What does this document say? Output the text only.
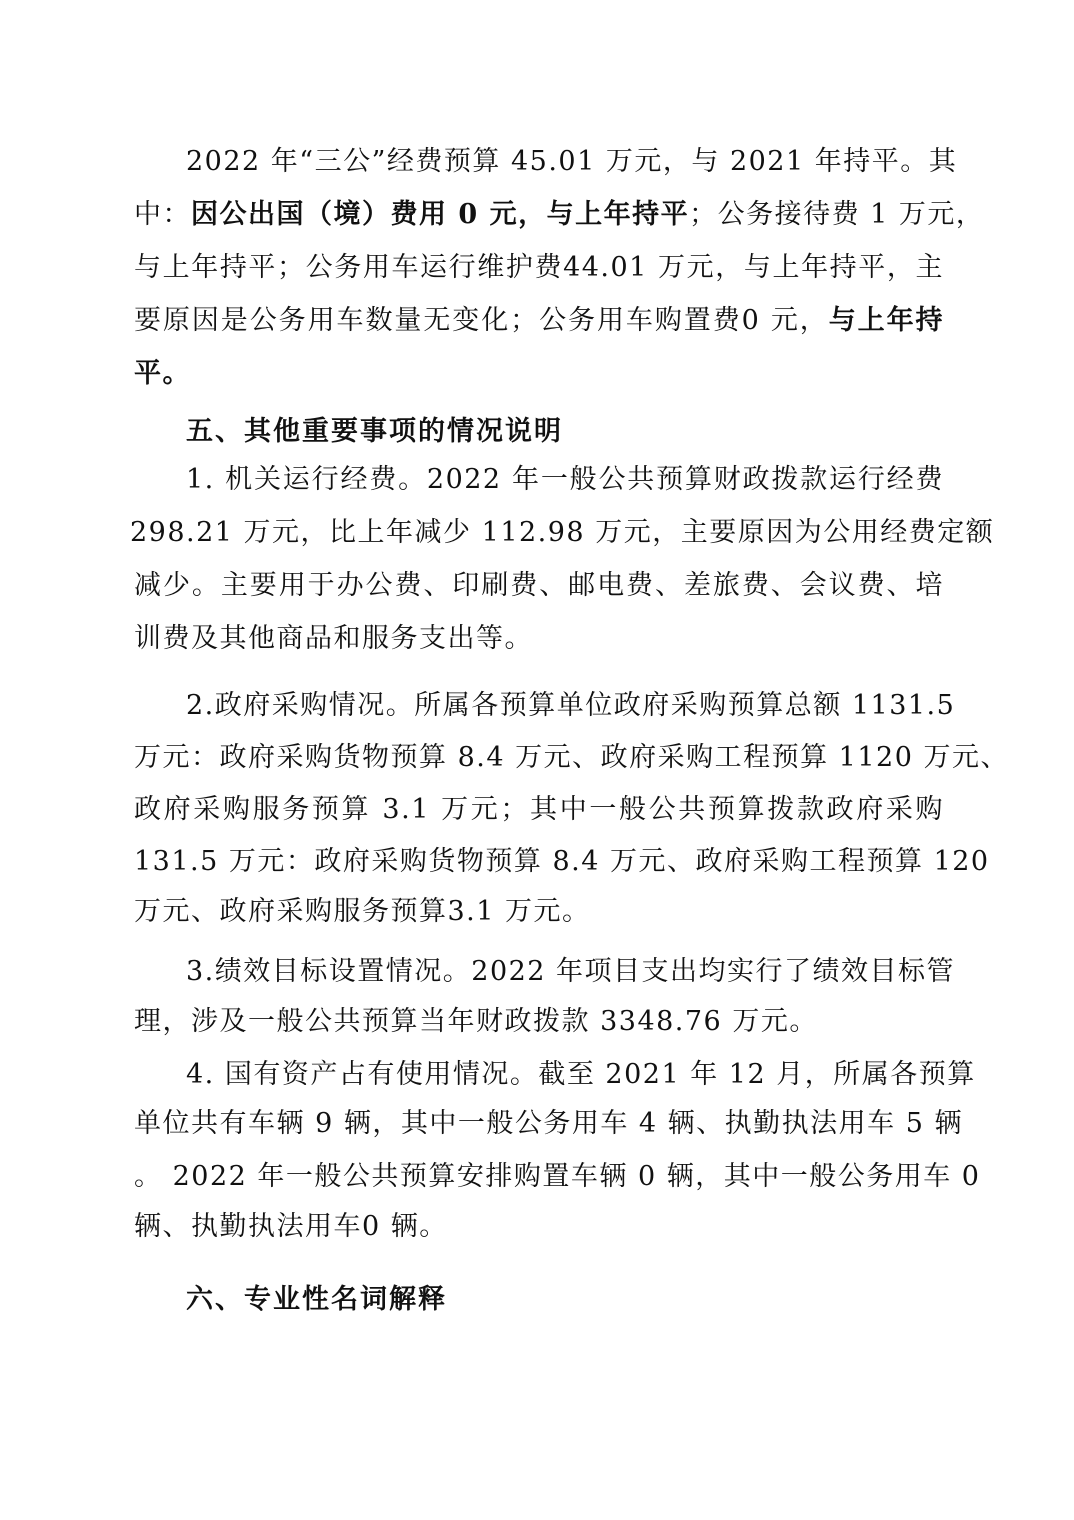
2022 年“三公”经费预算 45.01 万元，与 2021 年持平。其
中：因公出国（境）费用 0 元，与上年持平；公务接待费 1 万元，
与上年持平；公务用车运行维护费44.01 万元，与上年持平，主
要原因是公务用车数量无变化；公务用车购置费0 元，与上年持
平。
五、其他重要事项的情况说明
1. 机关运行经费。2022 年一般公共预算财政拨款运行经费
298.21 万元，比上年减少 112.98 万元，主要原因为公用经费定额
减少。主要用于办公费、印刷费、邮电费、差旅费、会议费、培
训费及其他商品和服务支出等。
2.政府采购情况。所属各预算单位政府采购预算总额 1131.5
万元：政府采购货物预算 8.4 万元、政府采购工程预算 1120 万元、
政府采购服务预算 3.1 万元；其中一般公共预算拨款政府采购
131.5 万元：政府采购货物预算 8.4 万元、政府采购工程预算 120
万元、政府采购服务预算3.1 万元。
3.绩效目标设置情况。2022 年项目支出均实行了绩效目标管
理，涉及一般公共预算当年财政拨款 3348.76 万元。
4. 国有资产占有使用情况。截至 2021 年 12 月，所属各预算
单位共有车辆 9 辆，其中一般公务用车 4 辆、执勤执法用车 5 辆
。 2022 年一般公共预算安排购置车辆 0 辆，其中一般公务用车 0
辆、执勤执法用车0 辆。
六、专业性名词解释
